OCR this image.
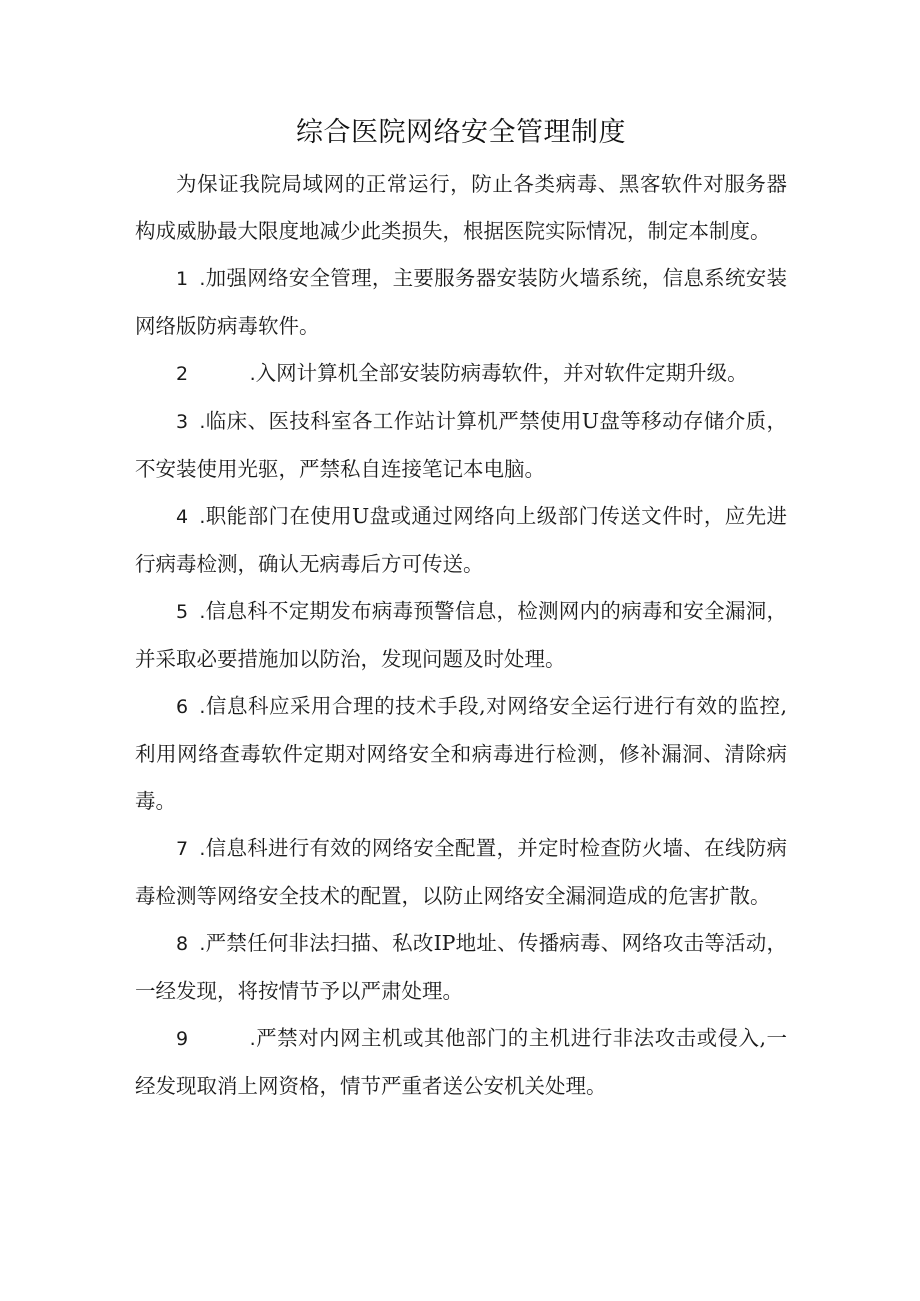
综合医院网络安全管理制度

为保证我院局域网的正常运行，防止各类病毒、黑客软件对服务器构成威胁最大限度地减少此类损失，根据医院实际情况，制定本制度。

1 .加强网络安全管理，主要服务器安装防火墙系统，信息系统安装网络版防病毒软件。

2	.入网计算机全部安装防病毒软件，并对软件定期升级。

3 .临床、医技科室各工作站计算机严禁使用U盘等移动存储介质，不安装使用光驱，严禁私自连接笔记本电脑。

4 .职能部门在使用U盘或通过网络向上级部门传送文件时，应先进行病毒检测，确认无病毒后方可传送。

5 .信息科不定期发布病毒预警信息，检测网内的病毒和安全漏洞，并采取必要措施加以防治，发现问题及时处理。

6 .信息科应采用合理的技术手段,对网络安全运行进行有效的监控,利用网络查毒软件定期对网络安全和病毒进行检测，修补漏洞、清除病毒。

7 .信息科进行有效的网络安全配置，并定时检查防火墙、在线防病毒检测等网络安全技术的配置，以防止网络安全漏洞造成的危害扩散。

8 .严禁任何非法扫描、私改IP地址、传播病毒、网络攻击等活动，一经发现，将按情节予以严肃处理。

9	.严禁对内网主机或其他部门的主机进行非法攻击或侵入,一经发现取消上网资格，情节严重者送公安机关处理。
